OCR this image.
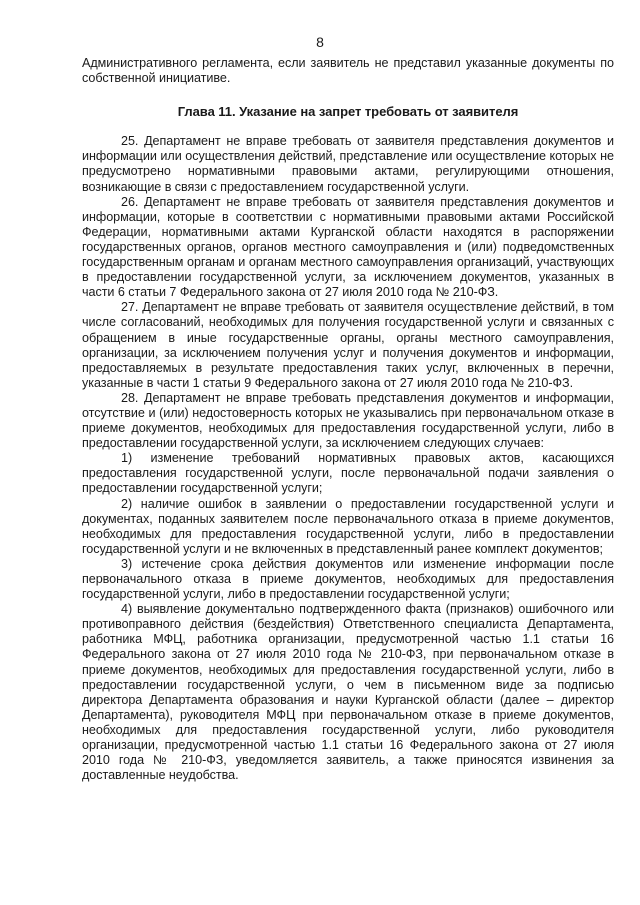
8

Административного регламента, если заявитель не представил указанные документы по собственной инициативе.

Глава 11. Указание на запрет требовать от заявителя

25. Департамент не вправе требовать от заявителя представления документов и информации или осуществления действий, представление или осуществление которых не предусмотрено нормативными правовыми актами, регулирующими отношения, возникающие в связи с предоставлением государственной услуги.

26. Департамент не вправе требовать от заявителя представления документов и информации, которые в соответствии с нормативными правовыми актами Российской Федерации, нормативными актами Курганской области находятся в распоряжении государственных органов, органов местного самоуправления и (или) подведомственных государственным органам и органам местного самоуправления организаций, участвующих в предоставлении государственной услуги, за исключением документов, указанных в части 6 статьи 7 Федерального закона от 27 июля 2010 года № 210-ФЗ.

27. Департамент не вправе требовать от заявителя осуществление действий, в том числе согласований, необходимых для получения государственной услуги и связанных с обращением в иные государственные органы, органы местного самоуправления, организации, за исключением получения услуг и получения документов и информации, предоставляемых в результате предоставления таких услуг, включенных в перечни, указанные в части 1 статьи 9 Федерального закона от 27 июля 2010 года № 210-ФЗ.

28. Департамент не вправе требовать представления документов и информации, отсутствие и (или) недостоверность которых не указывались при первоначальном отказе в приеме документов, необходимых для предоставления государственной услуги, либо в предоставлении государственной услуги, за исключением следующих случаев:

1) изменение требований нормативных правовых актов, касающихся предоставления государственной услуги, после первоначальной подачи заявления о предоставлении государственной услуги;

2) наличие ошибок в заявлении о предоставлении государственной услуги и документах, поданных заявителем после первоначального отказа в приеме документов, необходимых для предоставления государственной услуги, либо в предоставлении государственной услуги и не включенных в представленный ранее комплект документов;

3) истечение срока действия документов или изменение информации после первоначального отказа в приеме документов, необходимых для предоставления государственной услуги, либо в предоставлении государственной услуги;

4) выявление документально подтвержденного факта (признаков) ошибочного или противоправного действия (бездействия) Ответственного специалиста Департамента, работника МФЦ, работника организации, предусмотренной частью 1.1 статьи 16 Федерального закона от 27 июля 2010 года № 210-ФЗ, при первоначальном отказе в приеме документов, необходимых для предоставления государственной услуги, либо в предоставлении государственной услуги, о чем в письменном виде за подписью директора Департамента образования и науки Курганской области (далее – директор Департамента), руководителя МФЦ при первоначальном отказе в приеме документов, необходимых для предоставления государственной услуги, либо руководителя организации, предусмотренной частью 1.1 статьи 16 Федерального закона от 27 июля 2010 года № 210-ФЗ, уведомляется заявитель, а также приносятся извинения за доставленные неудобства.
